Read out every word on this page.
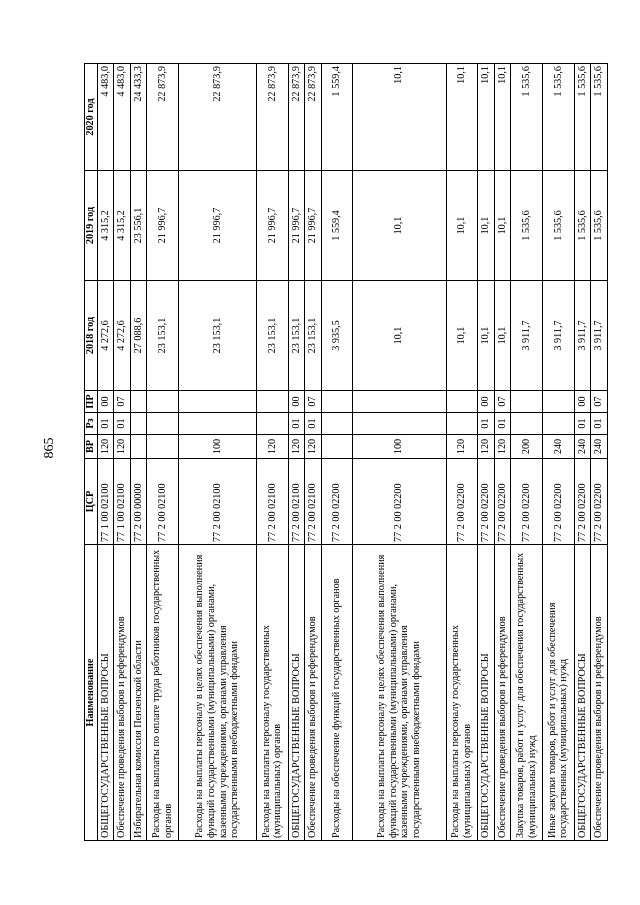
865
Наименование	ЦСР	ВР	Рз	ПР	2018 год	2019 год	2020 год
ОБЩЕГОСУДАРСТВЕННЫЕ ВОПРОСЫ	77 1 00 02100	120	01	00	4 272,6	4 315,2	4 483,0
Обеспечение проведения выборов и референдумов	77 1 00 02100	120	01	07	4 272,6	4 315,2	4 483,0
Избирательная комиссия Пензенской области	77 2 00 00000				27 088,6	23 556,1	24 433,3
Расходы на выплаты по оплате труда работников государственных органов	77 2 00 02100				23 153,1	21 996,7	22 873,9
Расходы на выплаты персоналу в целях обеспечения выполнения функций государственными (муниципальными) органами, казенными учреждениями, органами управления государственными внебюджетными фондами	77 2 00 02100	100			23 153,1	21 996,7	22 873,9
Расходы на выплаты персоналу государственных (муниципальных) органов	77 2 00 02100	120			23 153,1	21 996,7	22 873,9
ОБЩЕГОСУДАРСТВЕННЫЕ ВОПРОСЫ	77 2 00 02100	120	01	00	23 153,1	21 996,7	22 873,9
Обеспечение проведения выборов и референдумов	77 2 00 02100	120	01	07	23 153,1	21 996,7	22 873,9
Расходы на обеспечение функций государственных органов	77 2 00 02200				3 935,5	1 559,4	1 559,4
Расходы на выплаты персоналу в целях обеспечения выполнения функций государственными (муниципальными) органами, казенными учреждениями, органами управления государственными внебюджетными фондами	77 2 00 02200	100			10,1	10,1	10,1
Расходы на выплаты персоналу государственных (муниципальных) органов	77 2 00 02200	120			10,1	10,1	10,1
ОБЩЕГОСУДАРСТВЕННЫЕ ВОПРОСЫ	77 2 00 02200	120	01	00	10,1	10,1	10,1
Обеспечение проведения выборов и референдумов	77 2 00 02200	120	01	07	10,1	10,1	10,1
Закупка товаров, работ и услуг для обеспечения государственных (муниципальных) нужд	77 2 00 02200	200			3 911,7	1 535,6	1 535,6
Иные закупки товаров, работ и услуг для обеспечения государственных (муниципальных) нужд	77 2 00 02200	240			3 911,7	1 535,6	1 535,6
ОБЩЕГОСУДАРСТВЕННЫЕ ВОПРОСЫ	77 2 00 02200	240	01	00	3 911,7	1 535,6	1 535,6
Обеспечение проведения выборов и референдумов	77 2 00 02200	240	01	07	3 911,7	1 535,6	1 535,6
